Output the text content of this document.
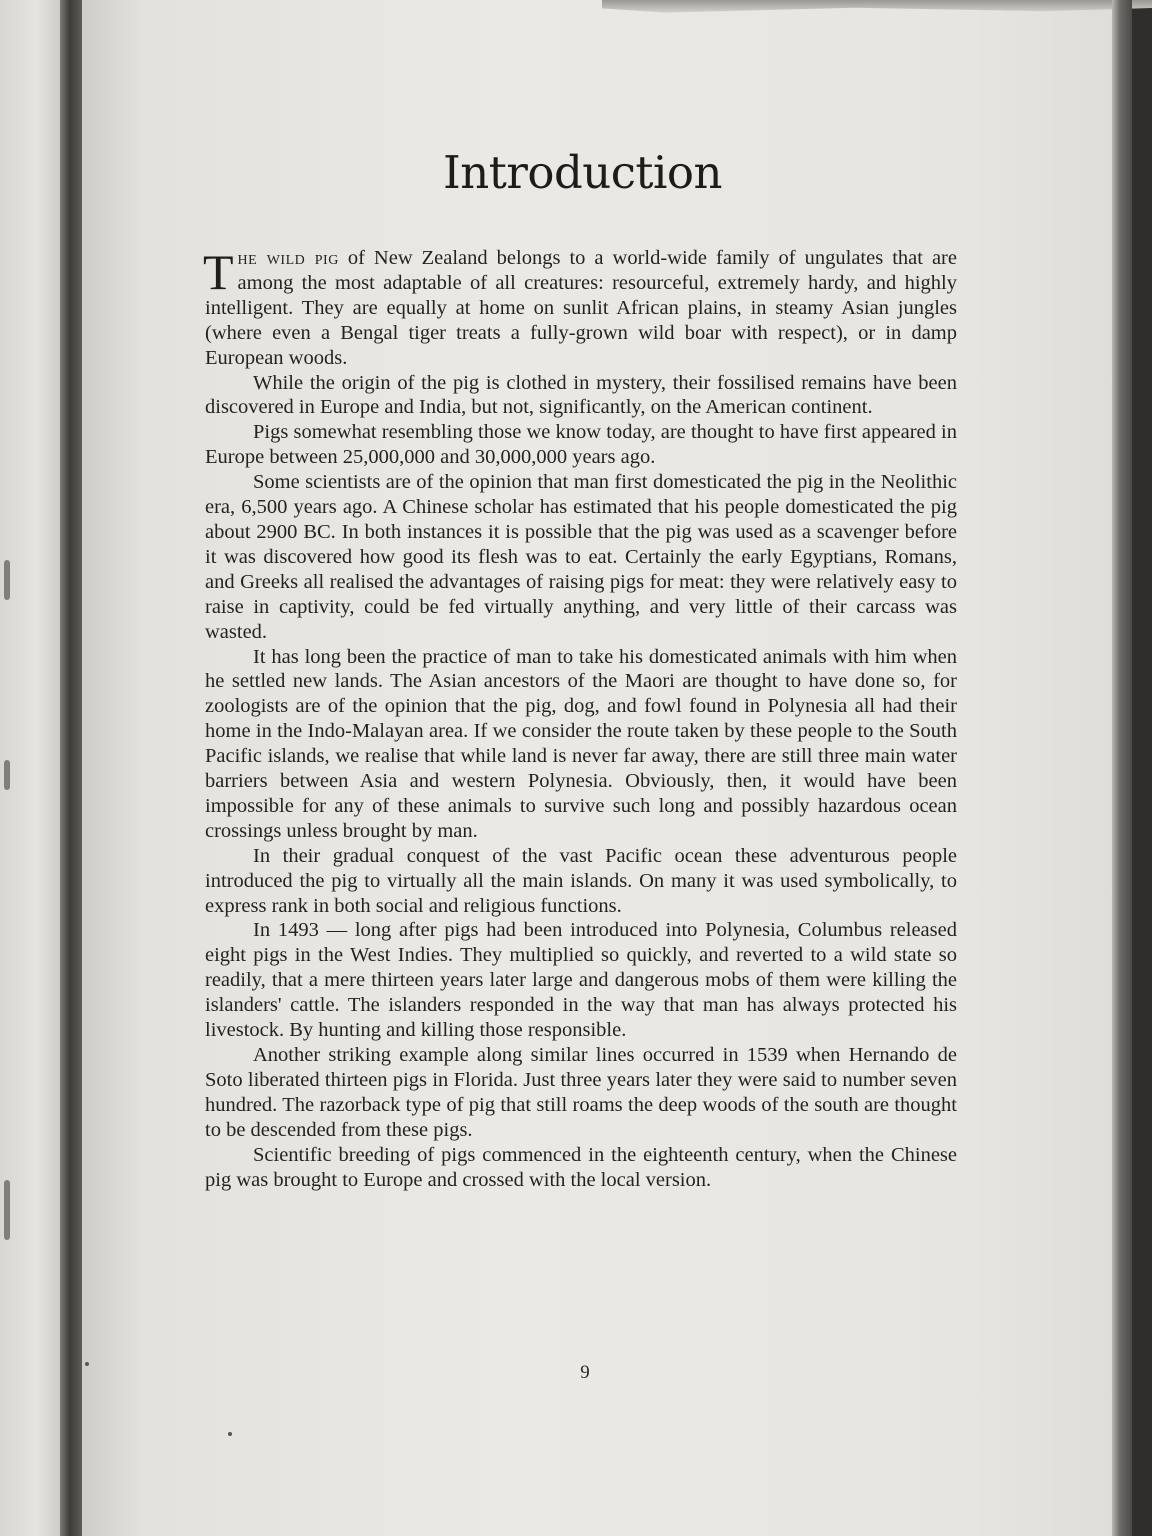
Introduction

The wild pig of New Zealand belongs to a world-wide family of ungulates that are among the most adaptable of all creatures: resourceful, extremely hardy, and highly intelligent. They are equally at home on sunlit African plains, in steamy Asian jungles (where even a Bengal tiger treats a fully-grown wild boar with respect), or in damp European woods.

While the origin of the pig is clothed in mystery, their fossilised remains have been discovered in Europe and India, but not, significantly, on the American continent.

Pigs somewhat resembling those we know today, are thought to have first appeared in Europe between 25,000,000 and 30,000,000 years ago.

Some scientists are of the opinion that man first domesticated the pig in the Neolithic era, 6,500 years ago. A Chinese scholar has estimated that his people domesticated the pig about 2900 BC. In both instances it is possible that the pig was used as a scavenger before it was discovered how good its flesh was to eat. Certainly the early Egyptians, Romans, and Greeks all realised the advantages of raising pigs for meat: they were relatively easy to raise in captivity, could be fed virtually anything, and very little of their carcass was wasted.

It has long been the practice of man to take his domesticated animals with him when he settled new lands. The Asian ancestors of the Maori are thought to have done so, for zoologists are of the opinion that the pig, dog, and fowl found in Polynesia all had their home in the Indo-Malayan area. If we consider the route taken by these people to the South Pacific islands, we realise that while land is never far away, there are still three main water barriers between Asia and western Polynesia. Obviously, then, it would have been impossible for any of these animals to survive such long and possibly hazardous ocean crossings unless brought by man.

In their gradual conquest of the vast Pacific ocean these adventurous people introduced the pig to virtually all the main islands. On many it was used symbolically, to express rank in both social and religious functions.

In 1493 — long after pigs had been introduced into Polynesia, Columbus released eight pigs in the West Indies. They multiplied so quickly, and reverted to a wild state so readily, that a mere thirteen years later large and dangerous mobs of them were killing the islanders' cattle. The islanders responded in the way that man has always protected his livestock. By hunting and killing those responsible.

Another striking example along similar lines occurred in 1539 when Hernando de Soto liberated thirteen pigs in Florida. Just three years later they were said to number seven hundred. The razorback type of pig that still roams the deep woods of the south are thought to be descended from these pigs.

Scientific breeding of pigs commenced in the eighteenth century, when the Chinese pig was brought to Europe and crossed with the local version.

9
